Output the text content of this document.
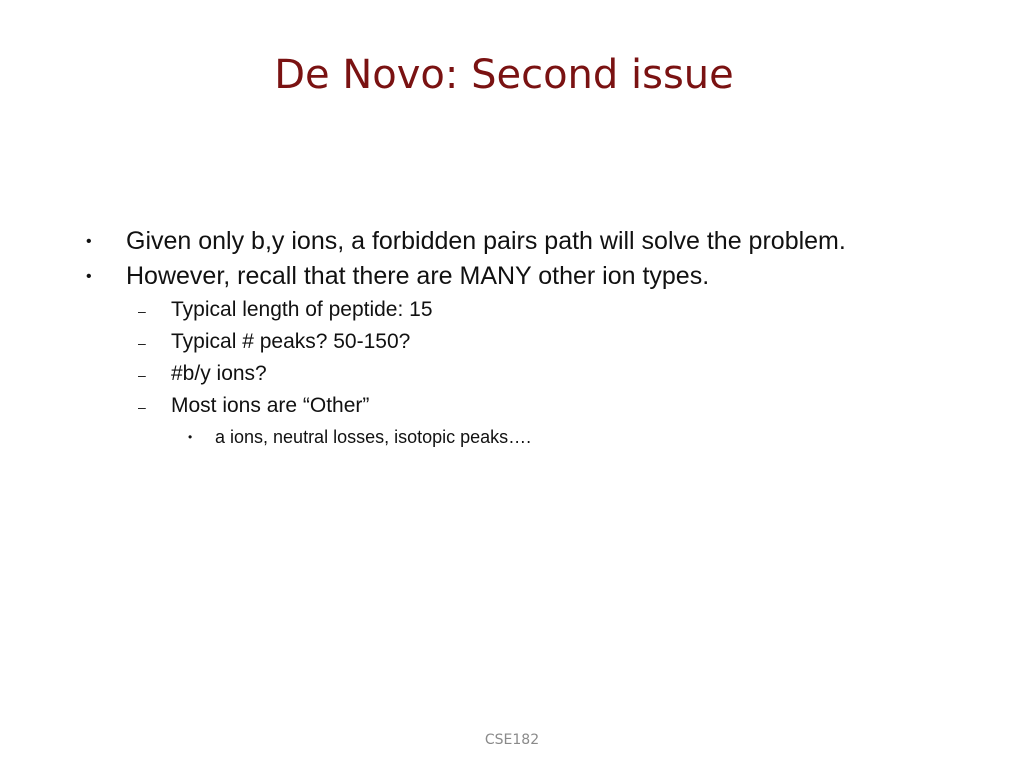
De Novo: Second issue
• Given only b,y ions, a forbidden pairs path will solve the problem.
• However, recall that there are MANY other ion types.
– Typical length of peptide: 15
– Typical # peaks? 50-150?
– #b/y ions?
– Most ions are “Other”
• a ions, neutral losses, isotopic peaks….
CSE182
